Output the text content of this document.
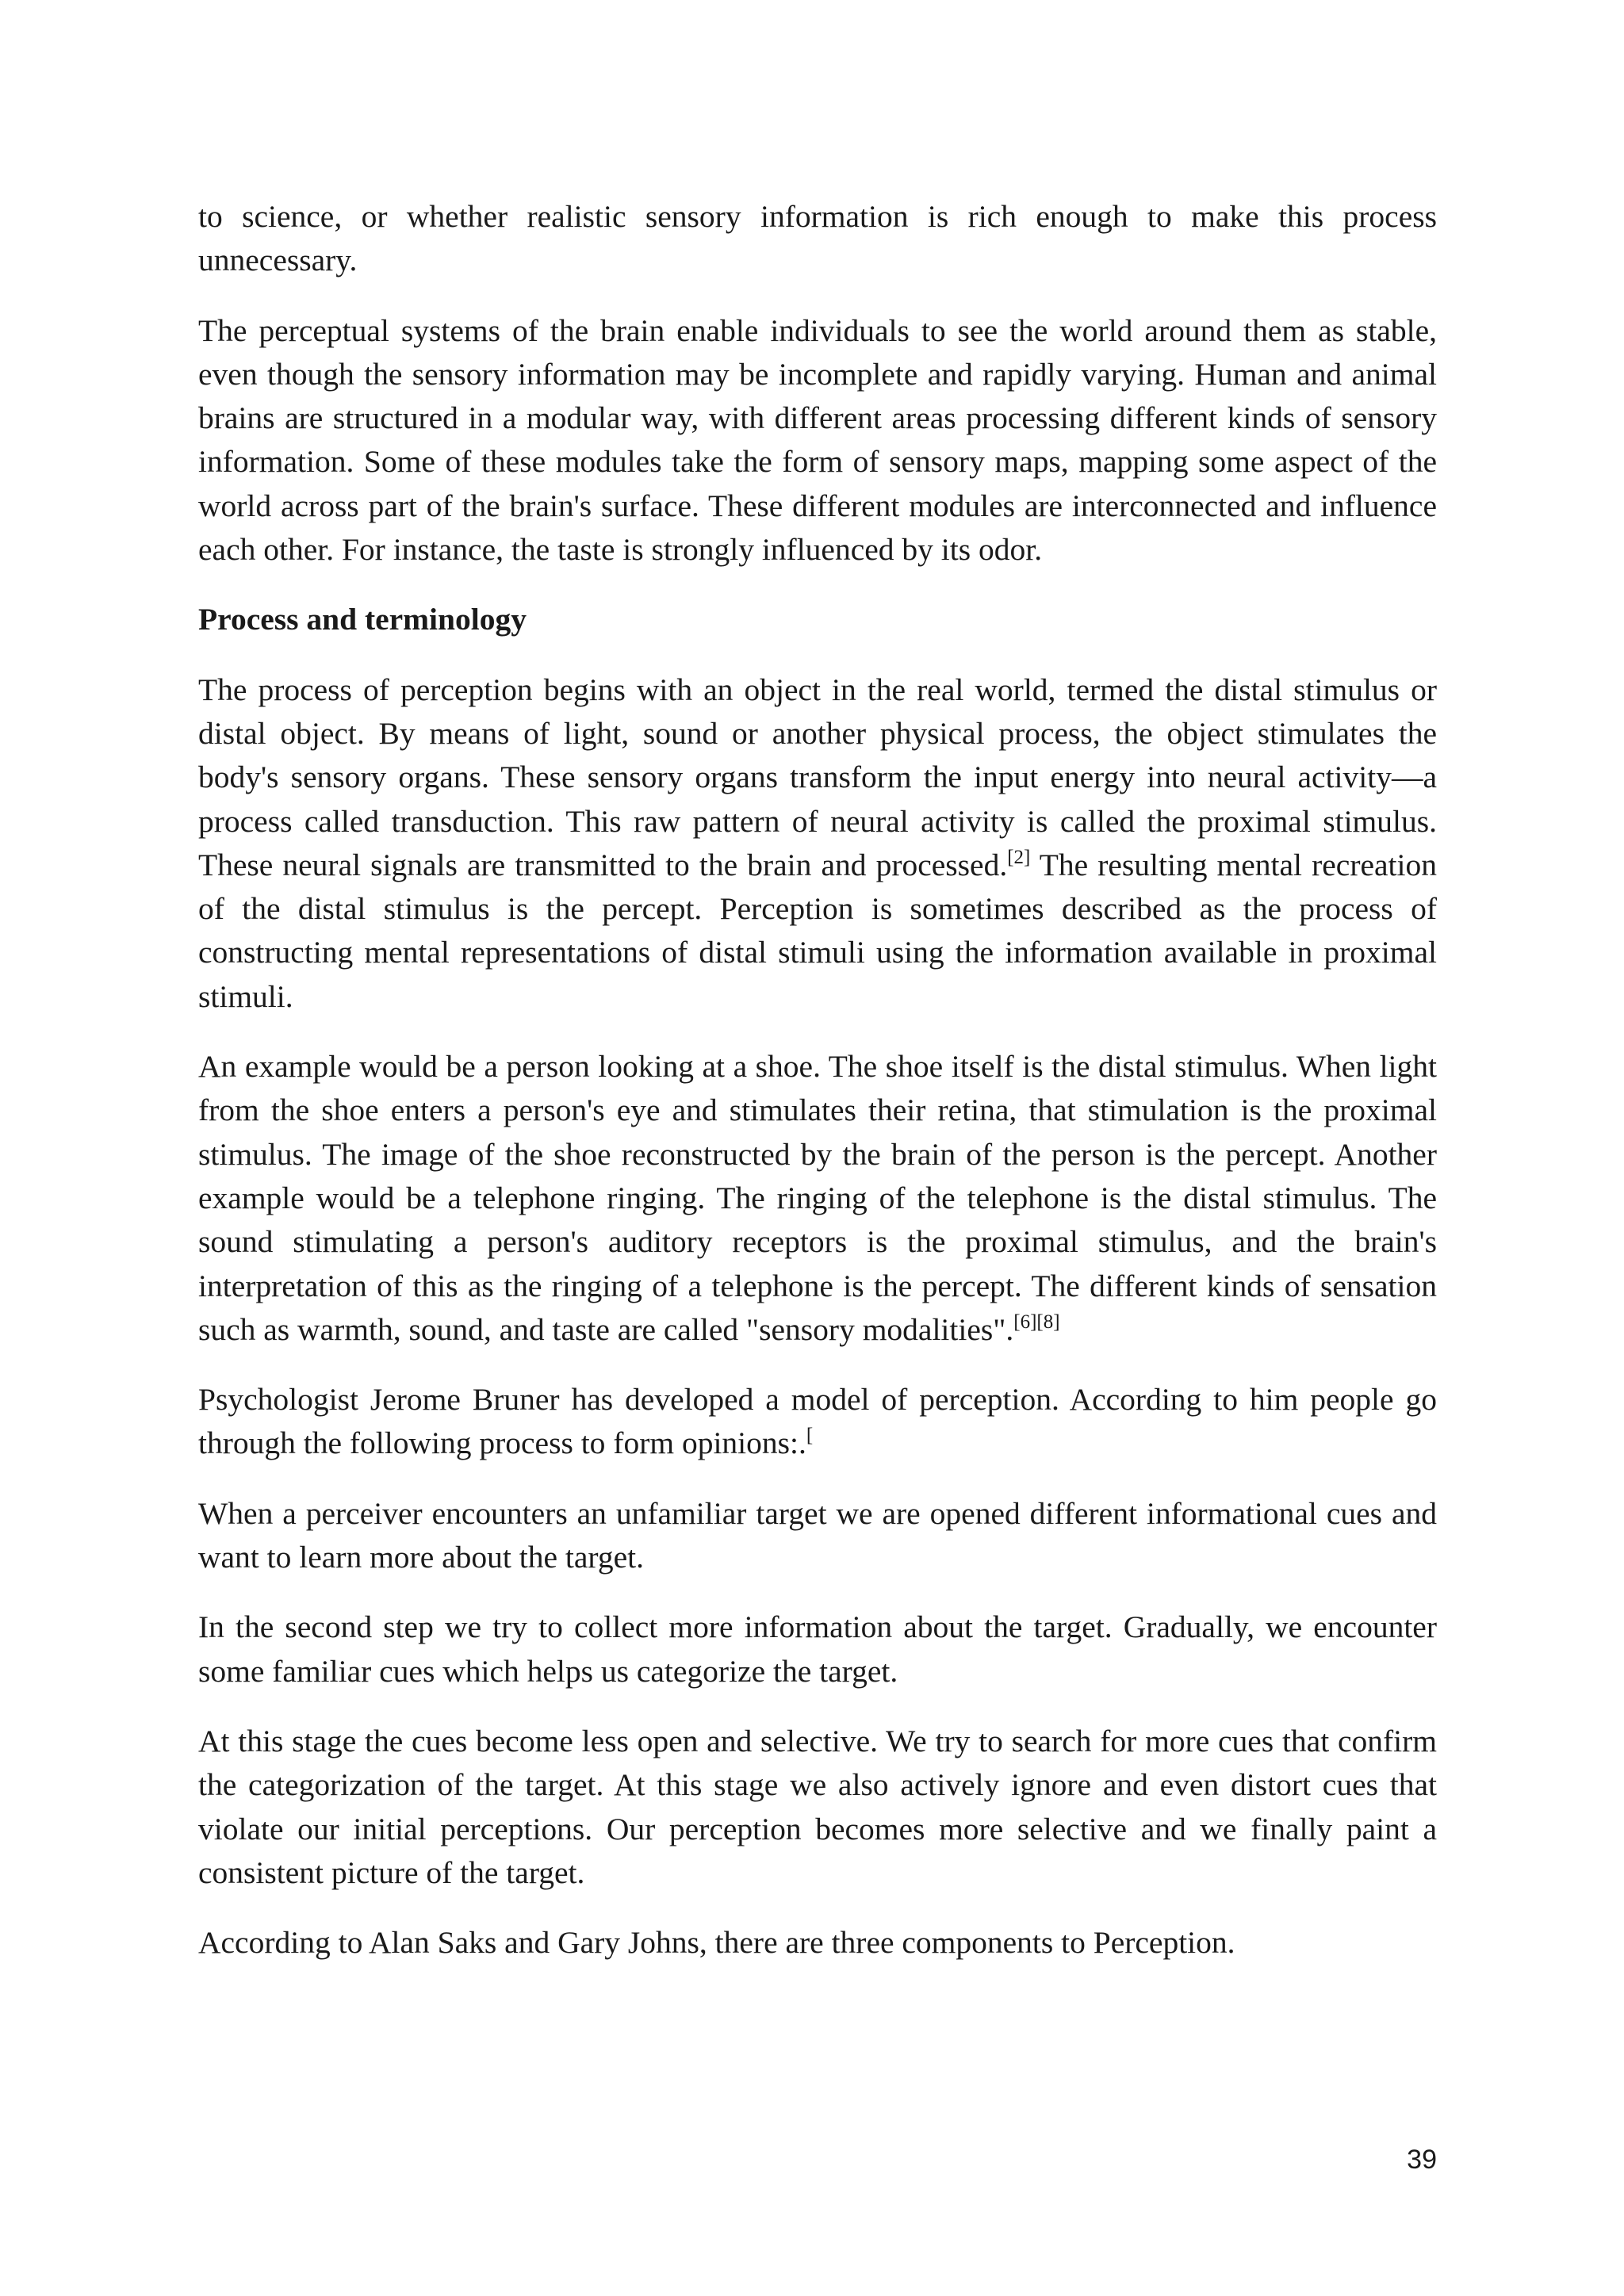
to science, or whether realistic sensory information is rich enough to make this process unnecessary.

The perceptual systems of the brain enable individuals to see the world around them as stable, even though the sensory information may be incomplete and rapidly varying. Human and animal brains are structured in a modular way, with different areas processing different kinds of sensory information. Some of these modules take the form of sensory maps, mapping some aspect of the world across part of the brain's surface. These different modules are interconnected and influence each other. For instance, the taste is strongly influenced by its odor.

Process and terminology

The process of perception begins with an object in the real world, termed the distal stimulus or distal object. By means of light, sound or another physical process, the object stimulates the body's sensory organs. These sensory organs transform the input energy into neural activity—a process called transduction. This raw pattern of neural activity is called the proximal stimulus. These neural signals are transmitted to the brain and processed.[2] The resulting mental recreation of the distal stimulus is the percept. Perception is sometimes described as the process of constructing mental representations of distal stimuli using the information available in proximal stimuli.

An example would be a person looking at a shoe. The shoe itself is the distal stimulus. When light from the shoe enters a person's eye and stimulates their retina, that stimulation is the proximal stimulus. The image of the shoe reconstructed by the brain of the person is the percept. Another example would be a telephone ringing. The ringing of the telephone is the distal stimulus. The sound stimulating a person's auditory receptors is the proximal stimulus, and the brain's interpretation of this as the ringing of a telephone is the percept. The different kinds of sensation such as warmth, sound, and taste are called "sensory modalities".[6][8]

Psychologist Jerome Bruner has developed a model of perception. According to him people go through the following process to form opinions:.[

When a perceiver encounters an unfamiliar target we are opened different informational cues and want to learn more about the target.

In the second step we try to collect more information about the target. Gradually, we encounter some familiar cues which helps us categorize the target.

At this stage the cues become less open and selective. We try to search for more cues that confirm the categorization of the target. At this stage we also actively ignore and even distort cues that violate our initial perceptions. Our perception becomes more selective and we finally paint a consistent picture of the target.

According to Alan Saks and Gary Johns, there are three components to Perception.

39
